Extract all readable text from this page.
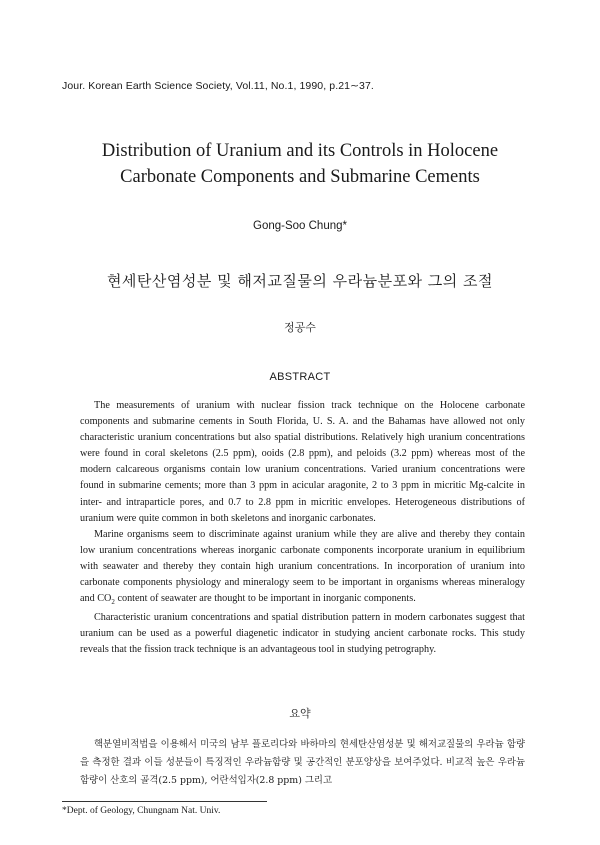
Jour. Korean Earth Science Society, Vol.11, No.1, 1990, p.21∼37.
Distribution of Uranium and its Controls in Holocene
Carbonate Components and Submarine Cements
Gong-Soo Chung*
현세탄산염성분 및 해저교질물의 우라늄분포와 그의 조절
정공수
ABSTRACT

The measurements of uranium with nuclear fission track technique on the Holocene carbonate components and submarine cements in South Florida, U. S. A. and the Bahamas have allowed not only characteristic uranium concentrations but also spatial distributions. Relatively high uranium concentrations were found in coral skeletons (2.5 ppm), ooids (2.8 ppm), and peloids (3.2 ppm) whereas most of the modern calcareous organisms contain low uranium concentrations. Varied uranium concentrations were found in submarine cements; more than 3 ppm in acicular aragonite, 2 to 3 ppm in micritic Mg-calcite in inter- and intraparticle pores, and 0.7 to 2.8 ppm in micritic envelopes. Heterogeneous distributions of uranium were quite common in both skeletons and inorganic carbonates.

Marine organisms seem to discriminate against uranium while they are alive and thereby they contain low uranium concentrations whereas inorganic carbonate components incorporate uranium in equilibrium with seawater and thereby they contain high uranium concentrations. In incorporation of uranium into carbonate components physiology and mineralogy seem to be important in organisms whereas mineralogy and $CO_2$ content of seawater are thought to be important in inorganic components.

Characteristic uranium concentrations and spatial distribution pattern in modern carbonates suggest that uranium can be used as a powerful diagenetic indicator in studying ancient carbonate rocks. This study reveals that the fission track technique is an advantageous tool in studying petrography.

요약

핵분열비적법을 이용해서 미국의 남부 플로리다와 바하마의 현세탄산염성분 및 해저교질물의 우라늄 함량을 측정한 결과 이들 성분들이 특징적인 우라늄함량 및 공간적인 분포양상을 보여주었다. 비교적 높은 우라늄함량이 산호의 골격(2.5 ppm), 어란석입자(2.8 ppm) 그리고

*Dept. of Geology, Chungnam Nat. Univ.
